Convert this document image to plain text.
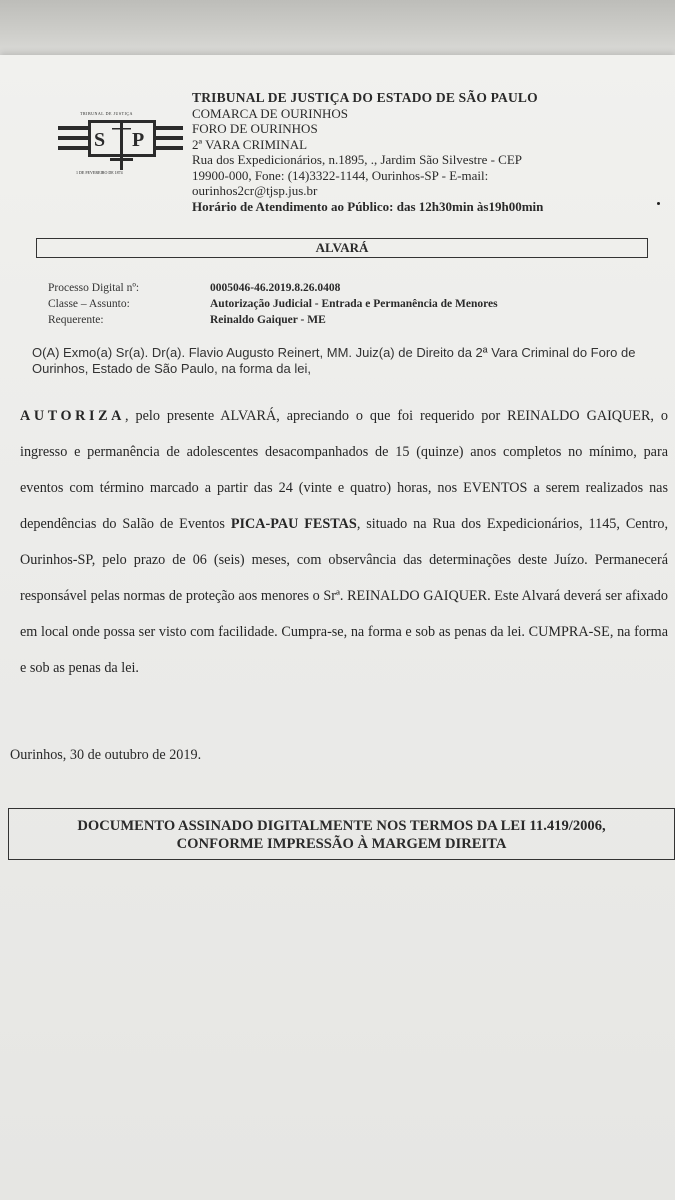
S P
TRIBUNAL DE JUSTIÇA
1 DE FEVEREIRO DE 1874
TRIBUNAL DE JUSTIÇA DO ESTADO DE SÃO PAULO
COMARCA DE OURINHOS
FORO DE OURINHOS
2ª VARA CRIMINAL
Rua dos Expedicionários, n.1895, ., Jardim São Silvestre - CEP
19900-000, Fone: (14)3322-1144, Ourinhos-SP - E-mail:
ourinhos2cr@tjsp.jus.br
Horário de Atendimento ao Público: das 12h30min às19h00min
ALVARÁ
Processo Digital nº:	0005046-46.2019.8.26.0408
Classe – Assunto:	Autorização Judicial - Entrada e Permanência de Menores
Requerente:	Reinaldo Gaiquer - ME
O(A) Exmo(a) Sr(a). Dr(a). Flavio Augusto Reinert, MM. Juiz(a) de Direito da 2ª Vara Criminal do Foro de Ourinhos, Estado de São Paulo, na forma da lei,
AUTORIZA, pelo presente ALVARÁ, apreciando o que foi requerido por REINALDO GAIQUER, o ingresso e permanência de adolescentes desacompanhados de 15 (quinze) anos completos no mínimo, para eventos com término marcado a partir das 24 (vinte e quatro) horas, nos EVENTOS a serem realizados nas dependências do Salão de Eventos PICA-PAU FESTAS, situado na Rua dos Expedicionários, 1145, Centro, Ourinhos-SP, pelo prazo de 06 (seis) meses, com observância das determinações deste Juízo. Permanecerá responsável pelas normas de proteção aos menores o Srª. REINALDO GAIQUER. Este Alvará deverá ser afixado em local onde possa ser visto com facilidade. Cumpra-se, na forma e sob as penas da lei. CUMPRA-SE, na forma e sob as penas da lei.
Ourinhos, 30 de outubro de 2019.
DOCUMENTO ASSINADO DIGITALMENTE NOS TERMOS DA LEI 11.419/2006,
CONFORME IMPRESSÃO À MARGEM DIREITA
